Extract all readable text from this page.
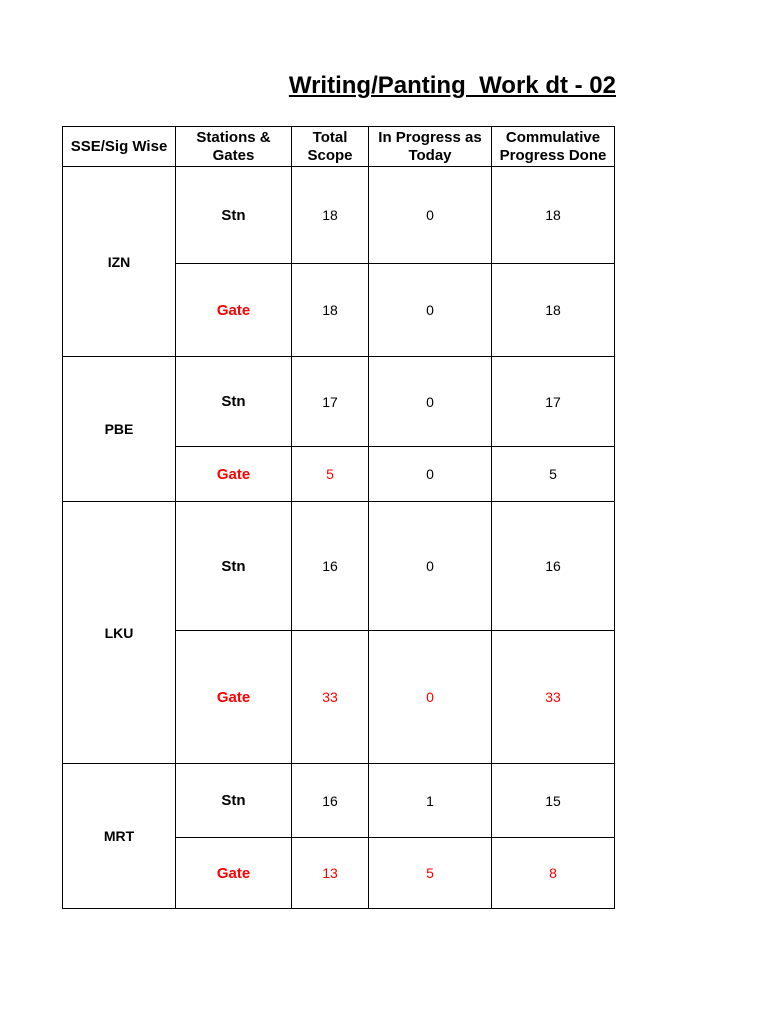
Writing/Panting  Work dt - 02
SSE/Sig Wise	Stations & Gates	Total Scope	In Progress as Today	Commulative Progress Done
IZN	Stn	18	0	18
	Gate	18	0	18
PBE	Stn	17	0	17
	Gate	5	0	5
LKU	Stn	16	0	16
	Gate	33	0	33
MRT	Stn	16	1	15
	Gate	13	5	8
